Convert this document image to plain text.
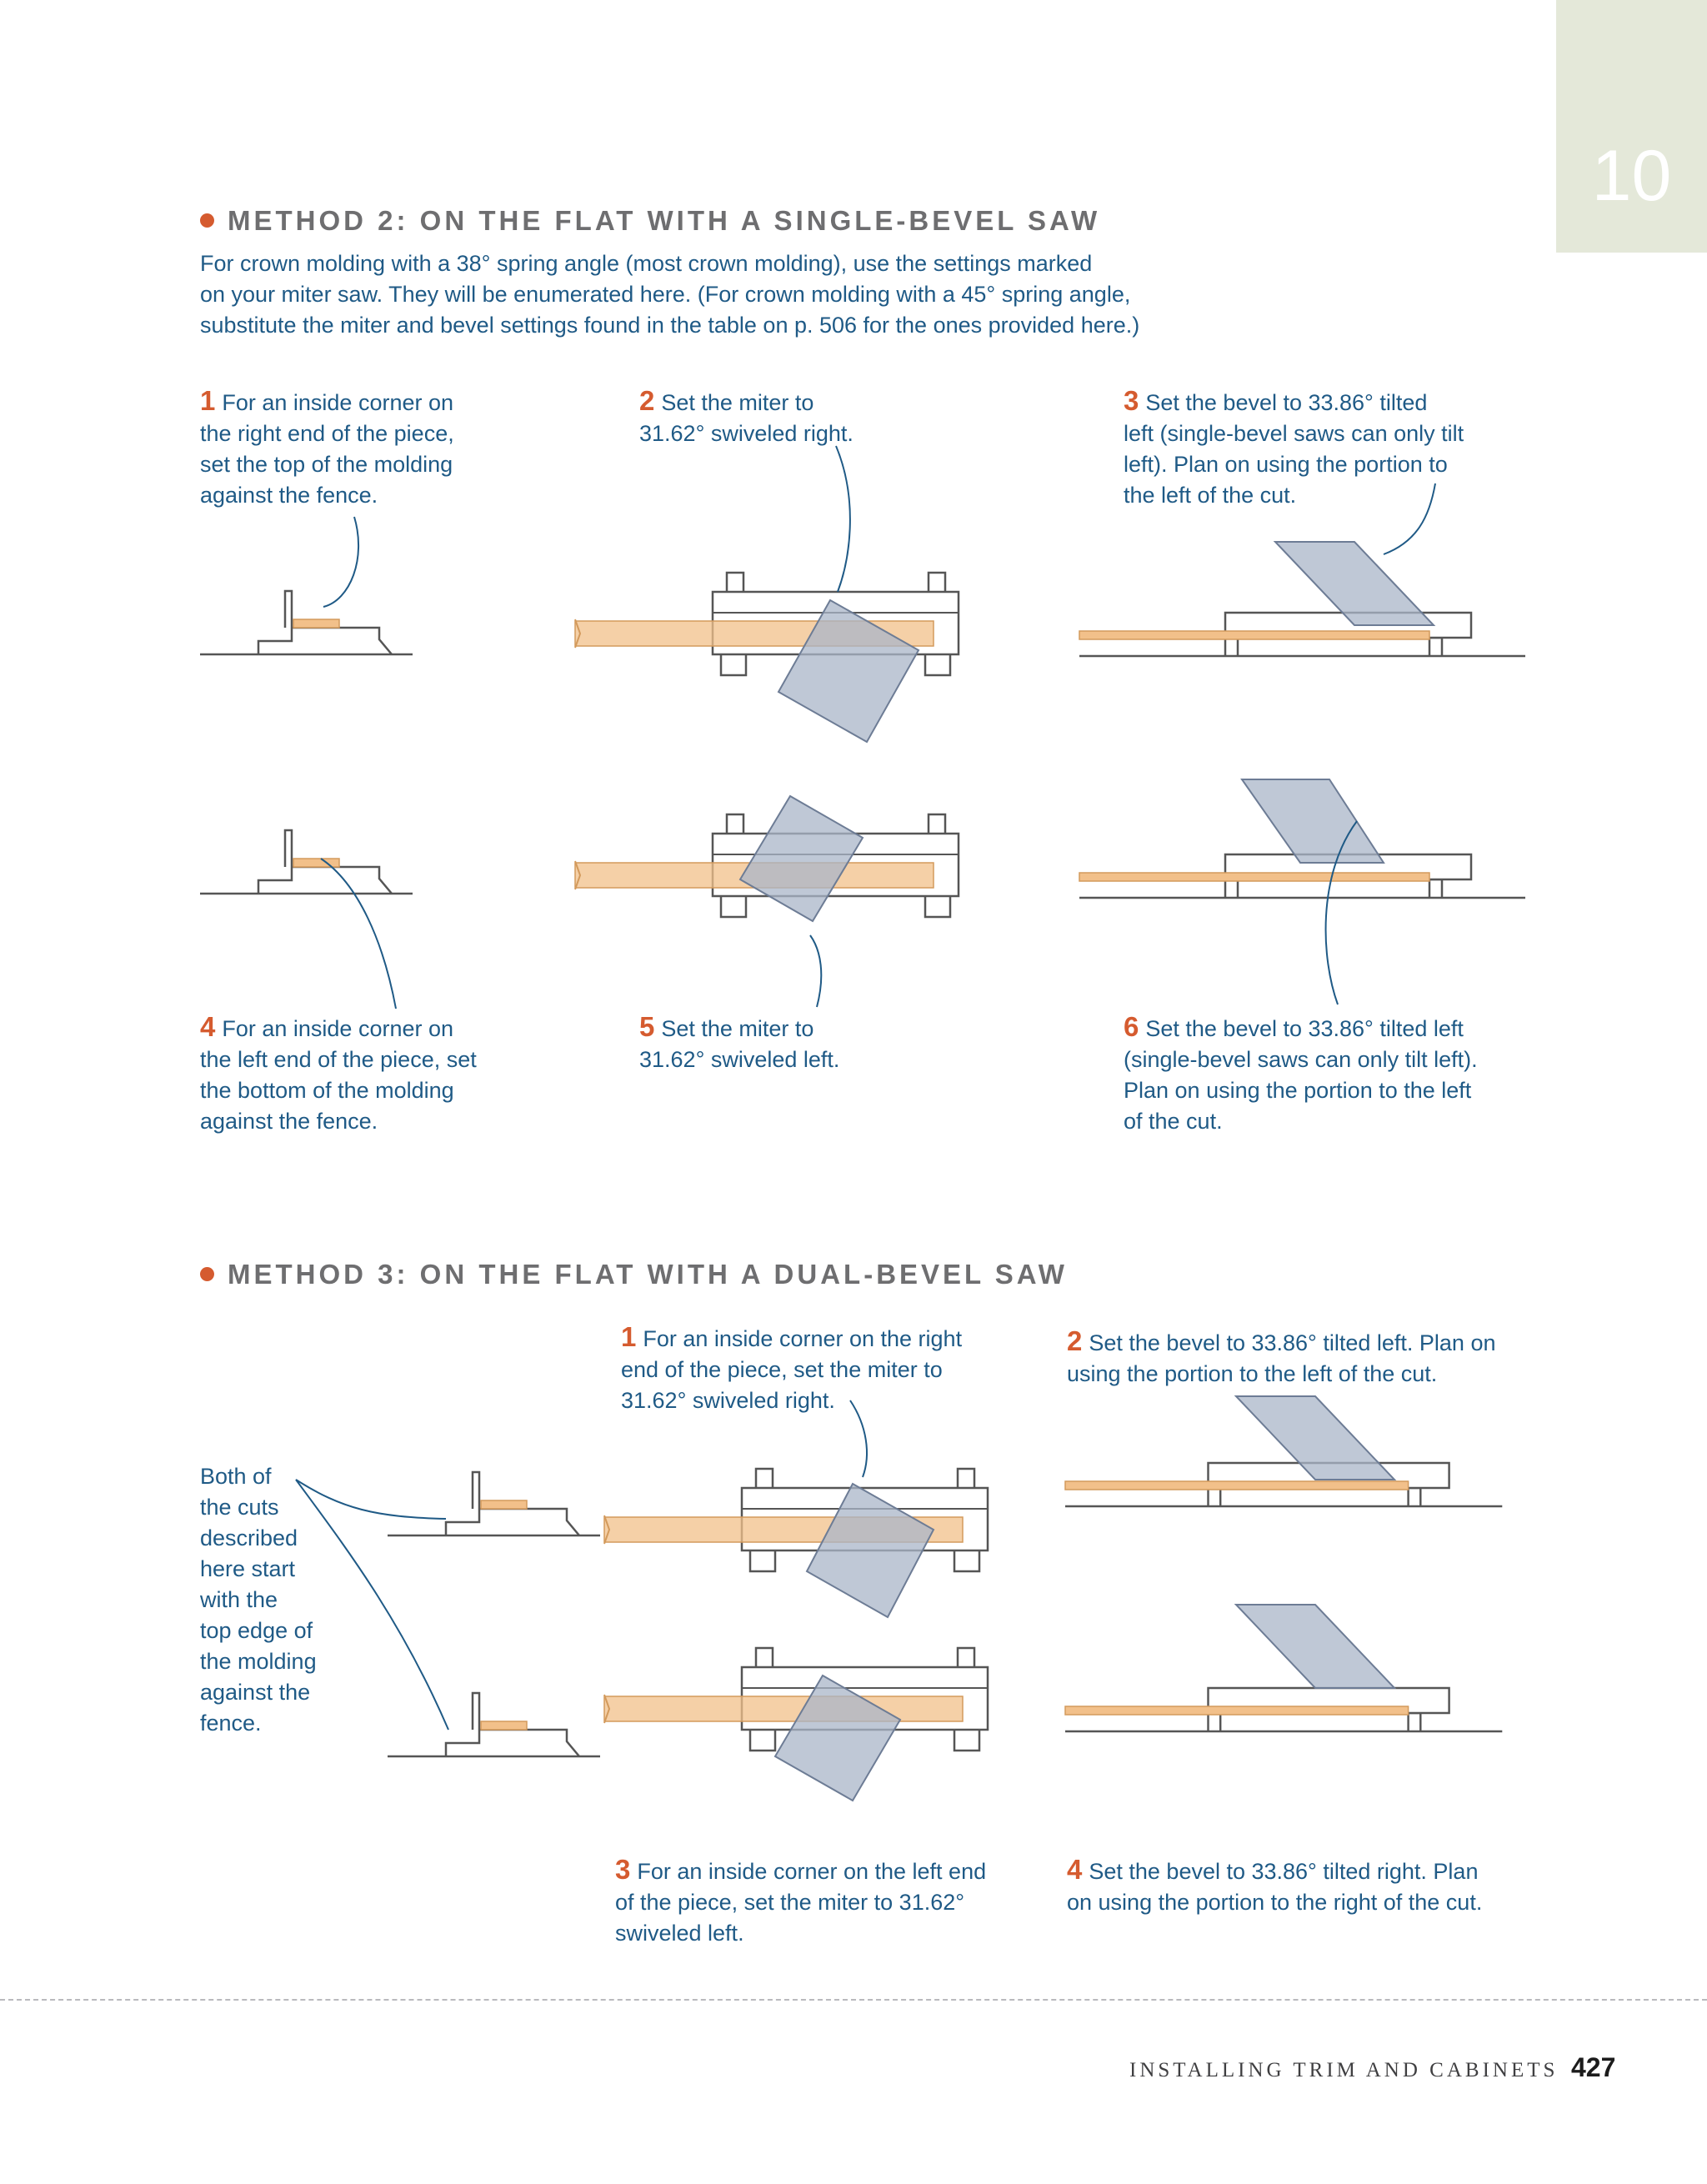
10
METHOD 2: ON THE FLAT WITH A SINGLE-BEVEL SAW

For crown molding with a 38° spring angle (most crown molding), use the settings marked

on your miter saw. They will be enumerated here. (For crown molding with a 45° spring angle,

substitute the miter and bevel settings found in the table on p. 506 for the ones provided here.)

1 For an inside corner on

the right end of the piece,

set the top of the molding

against the fence.

2 Set the miter to

31.62° swiveled right.

3 Set the bevel to 33.86° tilted

left (single-bevel saws can only tilt

left). Plan on using the portion to

the left of the cut.

4 For an inside corner on

the left end of the piece, set

the bottom of the molding

against the fence.

5 Set the miter to

31.62° swiveled left.

6 Set the bevel to 33.86° tilted left

(single-bevel saws can only tilt left).

Plan on using the portion to the left

of the cut.

METHOD 3: ON THE FLAT WITH A DUAL-BEVEL SAW

1 For an inside corner on the right

end of the piece, set the miter to

31.62° swiveled right.

2 Set the bevel to 33.86° tilted left. Plan on

using the portion to the left of the cut.

Both of

the cuts

described

here start

with the

top edge of

the molding

against the

fence.

3 For an inside corner on the left end

of the piece, set the miter to 31.62°

swiveled left.

4 Set the bevel to 33.86° tilted right. Plan

on using the portion to the right of the cut.

INSTALLING TRIM AND CABINETS 427
